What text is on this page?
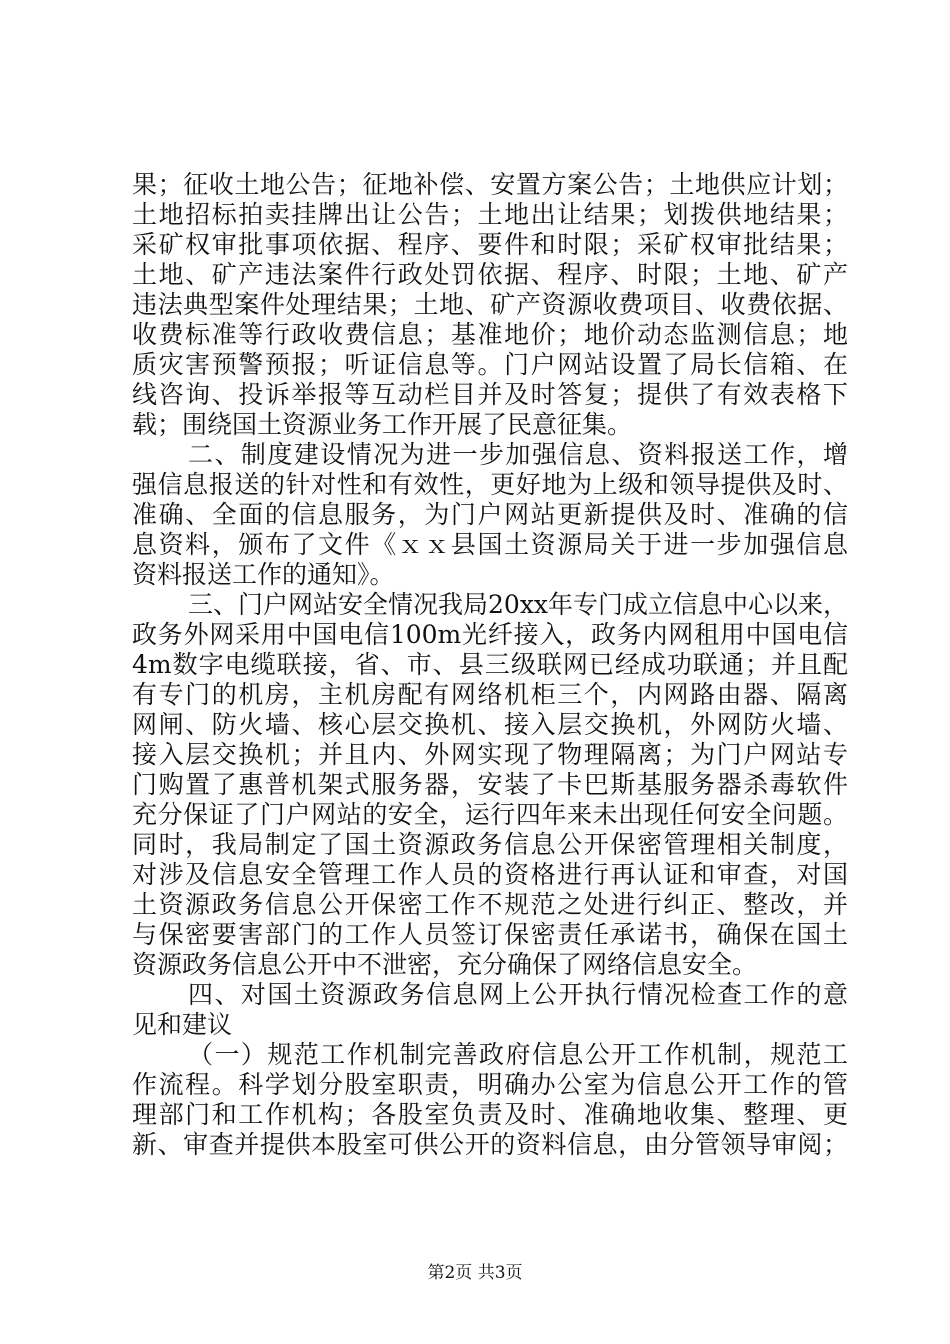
果；征收土地公告；征地补偿、安置方案公告；土地供应计划；
土地招标拍卖挂牌出让公告；土地出让结果；划拨供地结果；
采矿权审批事项依据、程序、要件和时限；采矿权审批结果；
土地、矿产违法案件行政处罚依据、程序、时限；土地、矿产
违法典型案件处理结果；土地、矿产资源收费项目、收费依据、
收费标准等行政收费信息；基准地价；地价动态监测信息；地
质灾害预警预报；听证信息等。门户网站设置了局长信箱、在
线咨询、投诉举报等互动栏目并及时答复；提供了有效表格下
载；围绕国土资源业务工作开展了民意征集。
二、制度建设情况为进一步加强信息、资料报送工作，增
强信息报送的针对性和有效性，更好地为上级和领导提供及时、
准确、全面的信息服务，为门户网站更新提供及时、准确的信
息资料，颁布了文件《ｘｘ县国土资源局关于进一步加强信息
资料报送工作的通知》。
三、门户网站安全情况我局20xx年专门成立信息中心以来，
政务外网采用中国电信100m光纤接入，政务内网租用中国电信
4m数字电缆联接，省、市、县三级联网已经成功联通；并且配
有专门的机房，主机房配有网络机柜三个，内网路由器、隔离
网闸、防火墙、核心层交换机、接入层交换机，外网防火墙、
接入层交换机；并且内、外网实现了物理隔离；为门户网站专
门购置了惠普机架式服务器，安装了卡巴斯基服务器杀毒软件
充分保证了门户网站的安全，运行四年来未出现任何安全问题。
同时，我局制定了国土资源政务信息公开保密管理相关制度，
对涉及信息安全管理工作人员的资格进行再认证和审查，对国
土资源政务信息公开保密工作不规范之处进行纠正、整改，并
与保密要害部门的工作人员签订保密责任承诺书，确保在国土
资源政务信息公开中不泄密，充分确保了网络信息安全。
四、对国土资源政务信息网上公开执行情况检查工作的意
见和建议
（一）规范工作机制完善政府信息公开工作机制，规范工
作流程。科学划分股室职责，明确办公室为信息公开工作的管
理部门和工作机构；各股室负责及时、准确地收集、整理、更
新、审查并提供本股室可供公开的资料信息，由分管领导审阅；
第2页 共3页
